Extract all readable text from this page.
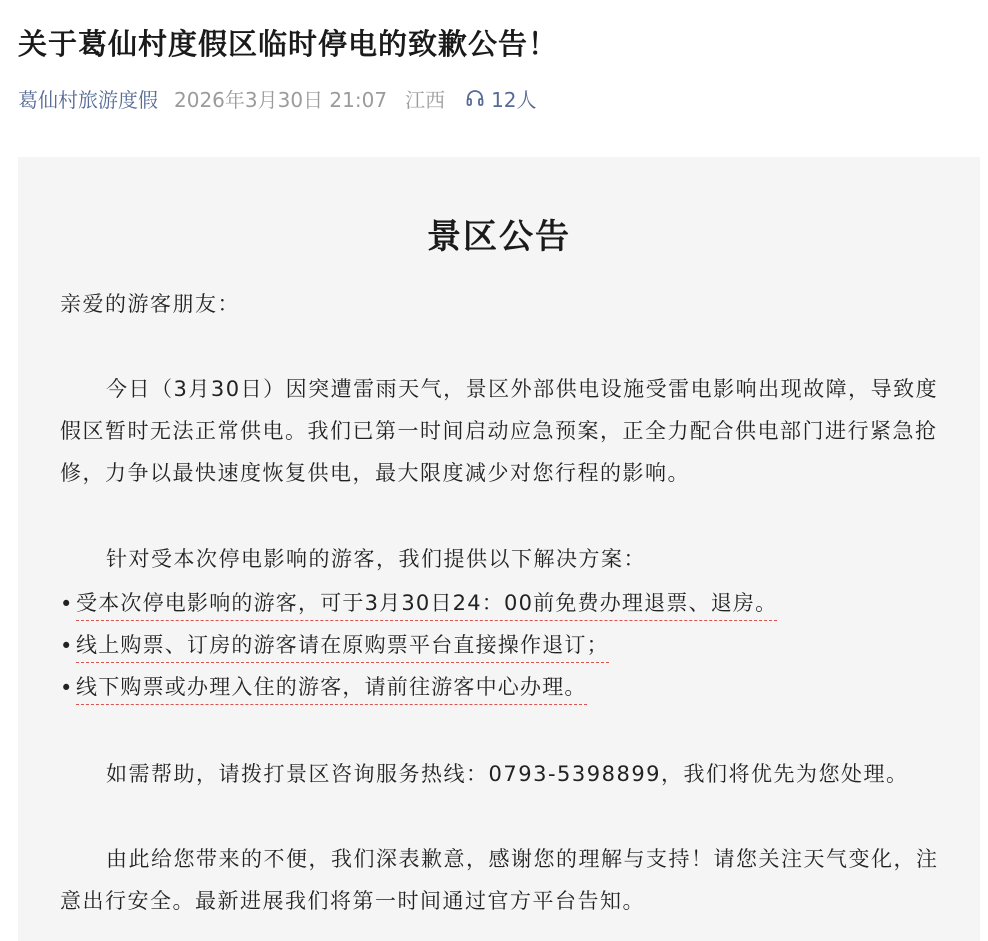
关于葛仙村度假区临时停电的致歉公告！
葛仙村旅游度假 2026年3月30日 21:07 江西 12人
景区公告

亲爱的游客朋友：

今日（3月30日）因突遭雷雨天气，景区外部供电设施受雷电影响出现故障，导致度假区暂时无法正常供电。我们已第一时间启动应急预案，正全力配合供电部门进行紧急抢修，力争以最快速度恢复供电，最大限度减少对您行程的影响。

针对受本次停电影响的游客，我们提供以下解决方案：

• 受本次停电影响的游客，可于3月30日24：00前免费办理退票、退房。
• 线上购票、订房的游客请在原购票平台直接操作退订；
• 线下购票或办理入住的游客，请前往游客中心办理。

如需帮助，请拨打景区咨询服务热线：0793-5398899，我们将优先为您处理。

由此给您带来的不便，我们深表歉意，感谢您的理解与支持！请您关注天气变化，注意出行安全。最新进展我们将第一时间通过官方平台告知。
